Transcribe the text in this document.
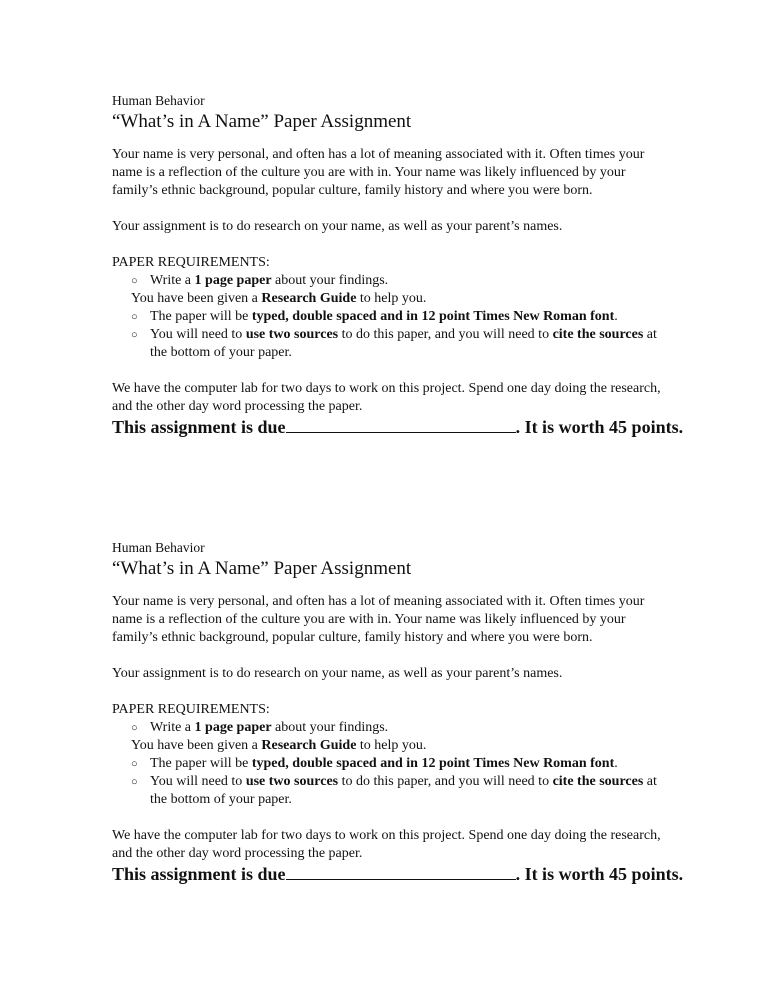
Human Behavior
“What’s in A Name” Paper Assignment

Your name is very personal, and often has a lot of meaning associated with it. Often times your name is a reflection of the culture you are with in. Your name was likely influenced by your family’s ethnic background, popular culture, family history and where you were born.

Your assignment is to do research on your name, as well as your parent’s names.

PAPER REQUIREMENTS:
○ Write a 1 page paper about your findings.
You have been given a Research Guide to help you.
○ The paper will be typed, double spaced and in 12 point Times New Roman font.
○ You will need to use two sources to do this paper, and you will need to cite the sources at the bottom of your paper.

We have the computer lab for two days to work on this project. Spend one day doing the research, and the other day word processing the paper.

This assignment is due	. It is worth 45 points.
Human Behavior
“What’s in A Name” Paper Assignment

Your name is very personal, and often has a lot of meaning associated with it. Often times your name is a reflection of the culture you are with in. Your name was likely influenced by your family’s ethnic background, popular culture, family history and where you were born.

Your assignment is to do research on your name, as well as your parent’s names.

PAPER REQUIREMENTS:
○ Write a 1 page paper about your findings.
You have been given a Research Guide to help you.
○ The paper will be typed, double spaced and in 12 point Times New Roman font.
○ You will need to use two sources to do this paper, and you will need to cite the sources at the bottom of your paper.

We have the computer lab for two days to work on this project. Spend one day doing the research, and the other day word processing the paper.

This assignment is due	. It is worth 45 points.
